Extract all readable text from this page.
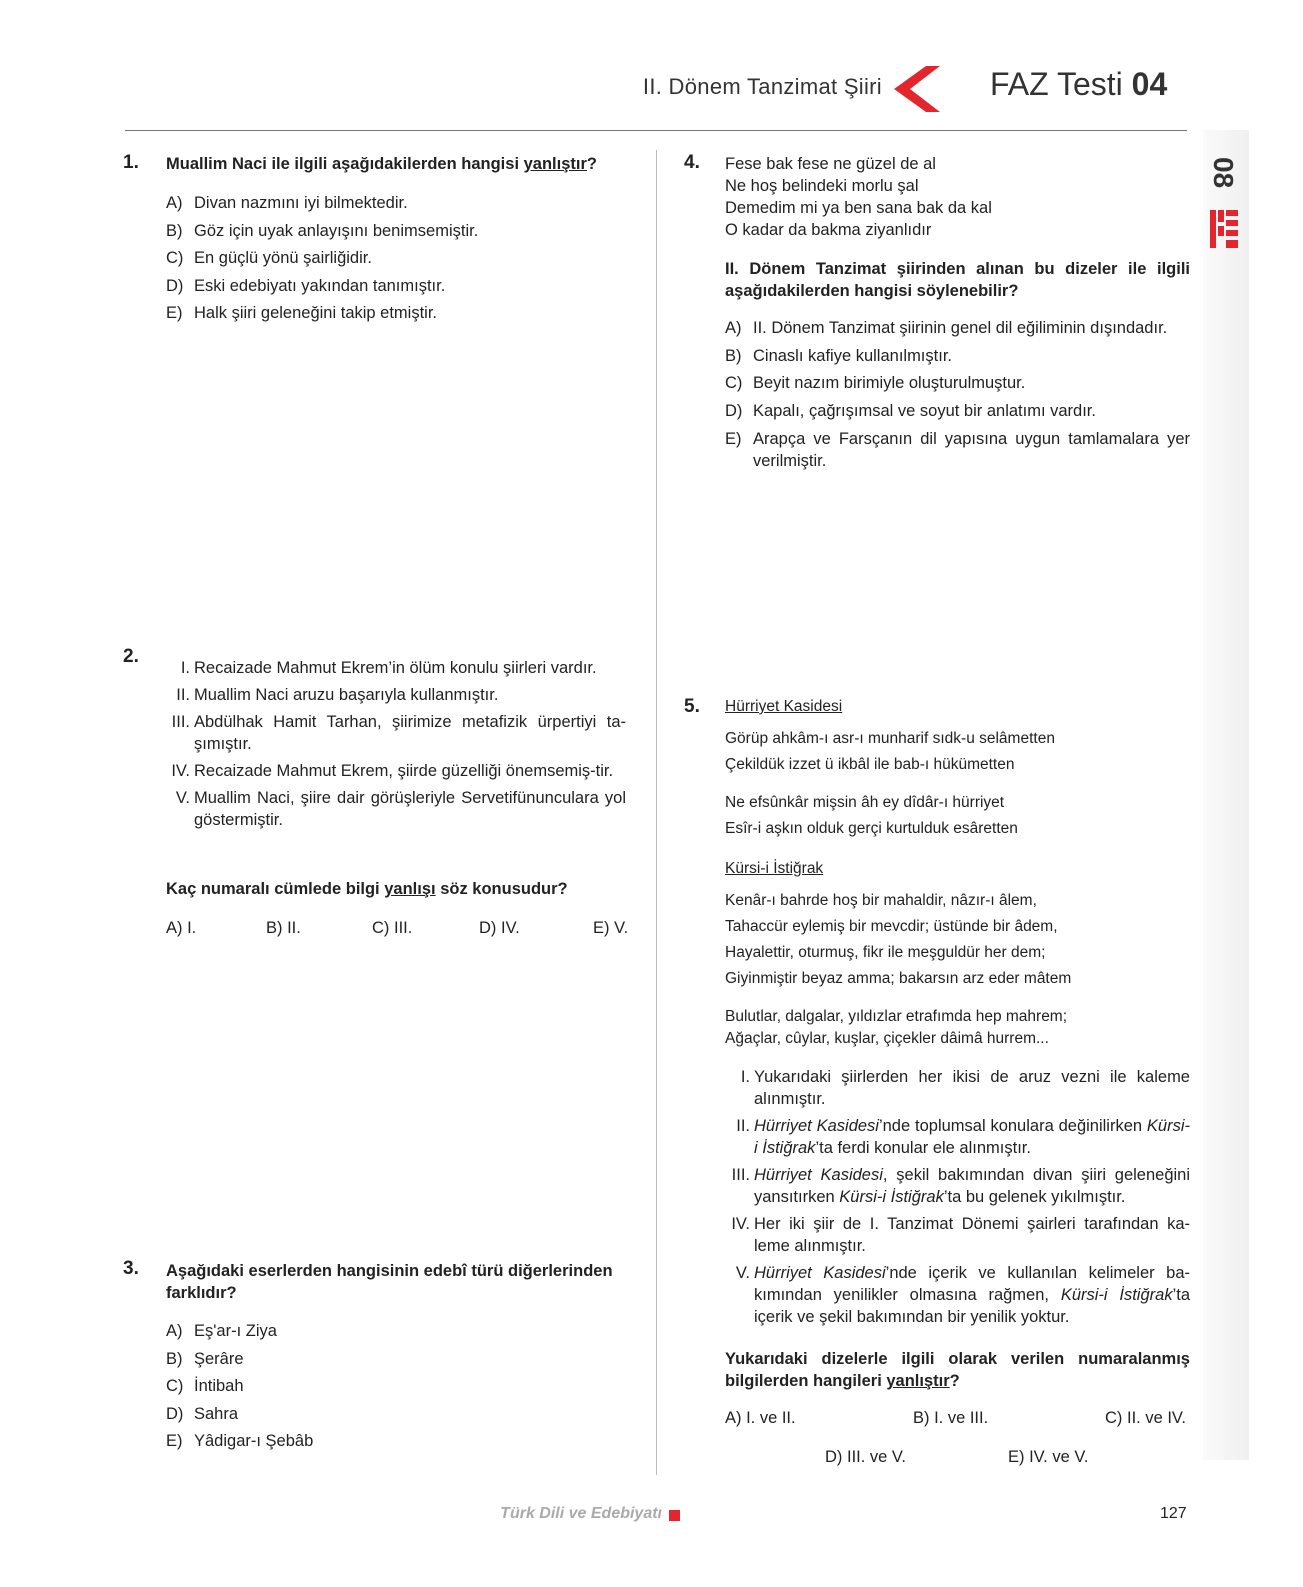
II. Dönem Tanzimat Şiiri	FAZ Testi 04
08
1. Muallim Naci ile ilgili aşağıdakilerden hangisi yanlıştır?
A) Divan nazmını iyi bilmektedir.
B) Göz için uyak anlayışını benimsemiştir.
C) En güçlü yönü şairliğidir.
D) Eski edebiyatı yakından tanımıştır.
E) Halk şiiri geleneğini takip etmiştir.
2.
I. Recaizade Mahmut Ekrem’in ölüm konulu şiirleri vardır.
II. Muallim Naci aruzu başarıyla kullanmıştır.
III. Abdülhak Hamit Tarhan, şiirimize metafizik ürpertiyi ta-şımıştır.
IV. Recaizade Mahmut Ekrem, şiirde güzelliği önemsemiş-tir.
V. Muallim Naci, şiire dair görüşleriyle Servetifünunculara yol göstermiştir.
Kaç numaralı cümlede bilgi yanlışı söz konusudur?
A) I.	B) II.	C) III.	D) IV.	E) V.
3. Aşağıdaki eserlerden hangisinin edebî türü diğerlerinden farklıdır?
A) Eş'ar-ı Ziya
B) Şerâre
C) İntibah
D) Sahra
E) Yâdigar-ı Şebâb
4. Fese bak fese ne güzel de al
Ne hoş belindeki morlu şal
Demedim mi ya ben sana bak da kal
O kadar da bakma ziyanlıdır
II. Dönem Tanzimat şiirinden alınan bu dizeler ile ilgili aşağıdakilerden hangisi söylenebilir?
A) II. Dönem Tanzimat şiirinin genel dil eğiliminin dışındadır.
B) Cinaslı kafiye kullanılmıştır.
C) Beyit nazım birimiyle oluşturulmuştur.
D) Kapalı, çağrışımsal ve soyut bir anlatımı vardır.
E) Arapça ve Farsçanın dil yapısına uygun tamlamalara yer verilmiştir.
5. Hürriyet Kasidesi
Görüp ahkâm-ı asr-ı munharif sıdk-u selâmetten
Çekildük izzet ü ikbâl ile bab-ı hükümetten
Ne efsûnkâr mişsin âh ey dîdâr-ı hürriyet
Esîr-i aşkın olduk gerçi kurtulduk esâretten
Kürsi-i İstiğrak
Kenâr-ı bahrde hoş bir mahaldir, nâzır-ı âlem,
Tahaccür eylemiş bir mevcdir; üstünde bir âdem,
Hayalettir, oturmuş, fikr ile meşguldür her dem;
Giyinmiştir beyaz amma; bakarsın arz eder mâtem
Bulutlar, dalgalar, yıldızlar etrafımda hep mahrem;
Ağaçlar, cûylar, kuşlar, çiçekler dâimâ hurrem...
I. Yukarıdaki şiirlerden her ikisi de aruz vezni ile kaleme alınmıştır.
II. Hürriyet Kasidesi’nde toplumsal konulara değinilirken Kürsi-i İstiğrak’ta ferdi konular ele alınmıştır.
III. Hürriyet Kasidesi, şekil bakımından divan şiiri geleneğini yansıtırken Kürsi-i İstiğrak’ta bu gelenek yıkılmıştır.
IV. Her iki şiir de I. Tanzimat Dönemi şairleri tarafından ka-leme alınmıştır.
V. Hürriyet Kasidesi’nde içerik ve kullanılan kelimeler ba-kımından yenilikler olmasına rağmen, Kürsi-i İstiğrak’ta içerik ve şekil bakımından bir yenilik yoktur.
Yukarıdaki dizelerle ilgili olarak verilen numaralanmış bilgilerden hangileri yanlıştır?
A) I. ve II.	B) I. ve III.	C) II. ve IV.
D) III. ve V.	E) IV. ve V.
Türk Dili ve Edebiyatı	127
